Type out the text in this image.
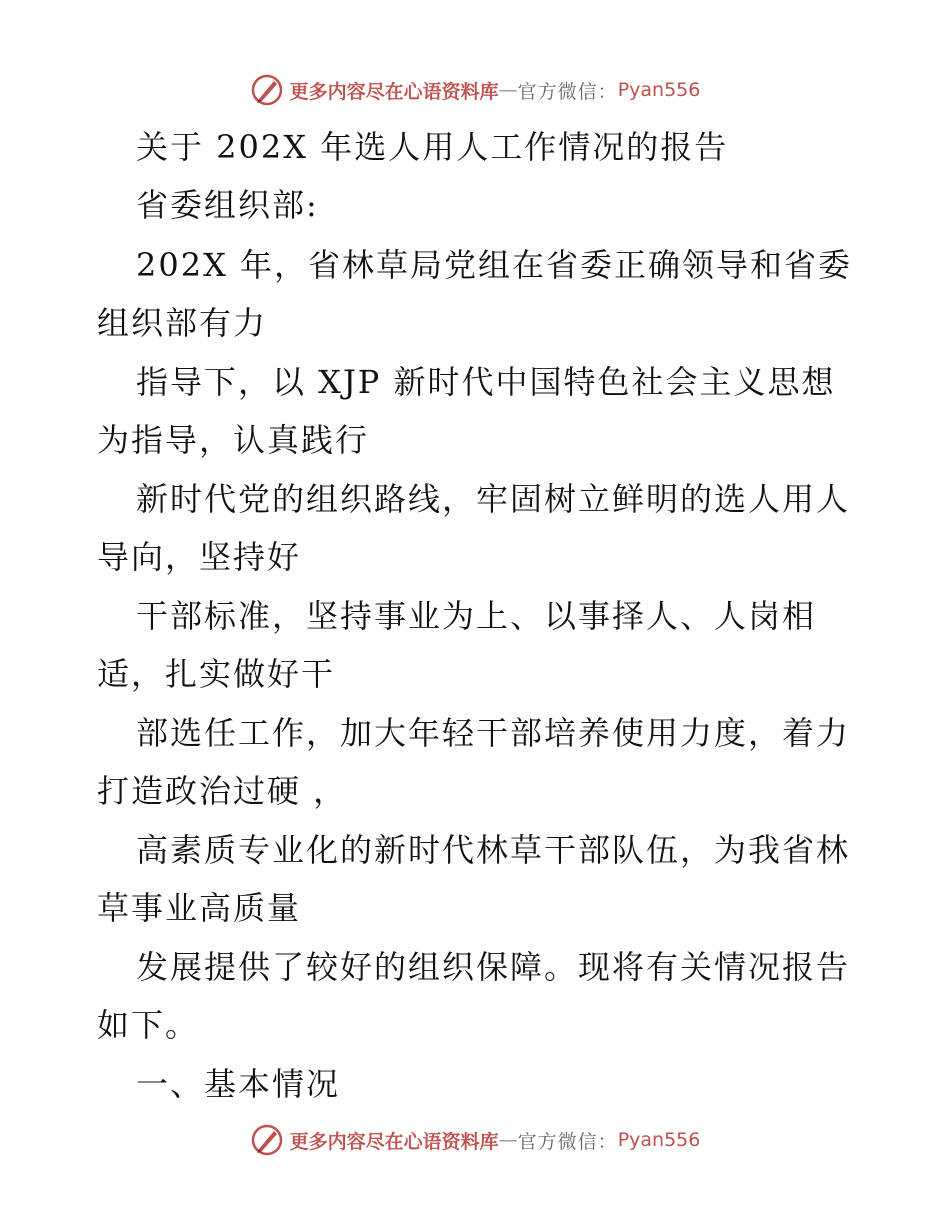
更多内容尽在心语资料库 — 官方微信： Pyan556
关于 202X 年选人用人工作情况的报告
省委组织部:
202X 年，省林草局党组在省委正确领导和省委
组织部有力
指导下，以 XJP 新时代中国特色社会主义思想
为指导，认真践行
新时代党的组织路线，牢固树立鲜明的选人用人
导向，坚持好
干部标准，坚持事业为上、以事择人、人岗相
适，扎实做好干
部选任工作，加大年轻干部培养使用力度，着力
打造政治过硬 ，
高素质专业化的新时代林草干部队伍，为我省林
草事业高质量
发展提供了较好的组织保障。现将有关情况报告
如下。
一、基本情况
更多内容尽在心语资料库 — 官方微信： Pyan556
